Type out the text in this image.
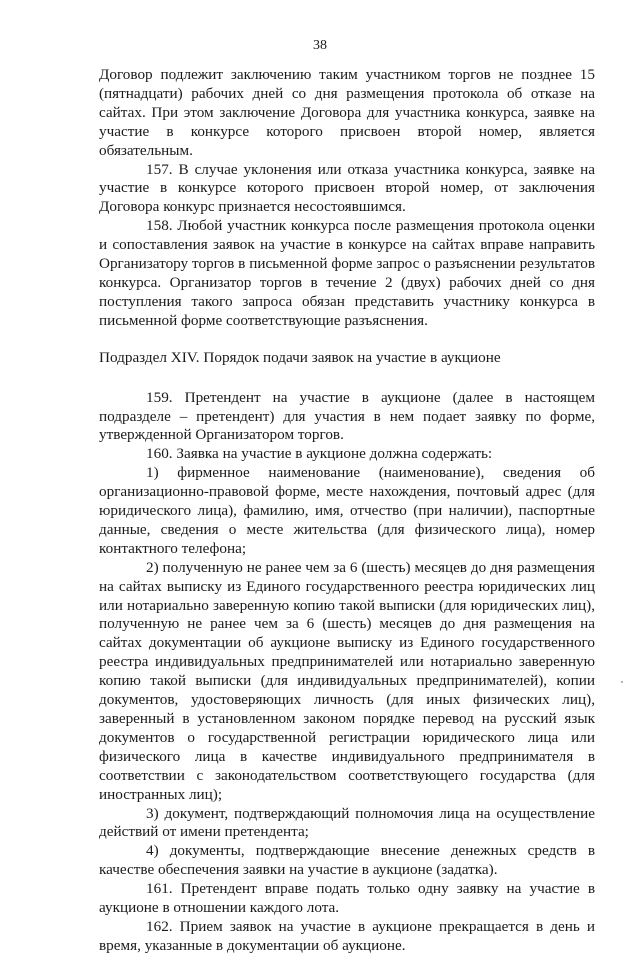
38

Договор подлежит заключению таким участником торгов не позднее 15 (пятнадцати) рабочих дней со дня размещения протокола об отказе на сайтах. При этом заключение Договора для участника конкурса, заявке на участие в конкурсе которого присвоен второй номер, является обязательным.

157. В случае уклонения или отказа участника конкурса, заявке на участие в конкурсе которого присвоен второй номер, от заключения Договора конкурс признается несостоявшимся.

158. Любой участник конкурса после размещения протокола оценки и сопоставления заявок на участие в конкурсе на сайтах вправе направить Организатору торгов в письменной форме запрос о разъяснении результатов конкурса. Организатор торгов в течение 2 (двух) рабочих дней со дня поступления такого запроса обязан представить участнику конкурса в письменной форме соответствующие разъяснения.

Подраздел XIV. Порядок подачи заявок на участие в аукционе

159. Претендент на участие в аукционе (далее в настоящем подразделе – претендент) для участия в нем подает заявку по форме, утвержденной Организатором торгов.

160. Заявка на участие в аукционе должна содержать:

1) фирменное наименование (наименование), сведения об организационно-правовой форме, месте нахождения, почтовый адрес (для юридического лица), фамилию, имя, отчество (при наличии), паспортные данные, сведения о месте жительства (для физического лица), номер контактного телефона;

2) полученную не ранее чем за 6 (шесть) месяцев до дня размещения на сайтах выписку из Единого государственного реестра юридических лиц или нотариально заверенную копию такой выписки (для юридических лиц), полученную не ранее чем за 6 (шесть) месяцев до дня размещения на сайтах документации об аукционе выписку из Единого государственного реестра индивидуальных предпринимателей или нотариально заверенную копию такой выписки (для индивидуальных предпринимателей), копии документов, удостоверяющих личность (для иных физических лиц), заверенный в установленном законом порядке перевод на русский язык документов о государственной регистрации юридического лица или физического лица в качестве индивидуального предпринимателя в соответствии с законодательством соответствующего государства (для иностранных лиц);

3) документ, подтверждающий полномочия лица на осуществление действий от имени претендента;

4) документы, подтверждающие внесение денежных средств в качестве обеспечения заявки на участие в аукционе (задатка).

161. Претендент вправе подать только одну заявку на участие в аукционе в отношении каждого лота.

162. Прием заявок на участие в аукционе прекращается в день и время, указанные в документации об аукционе.
